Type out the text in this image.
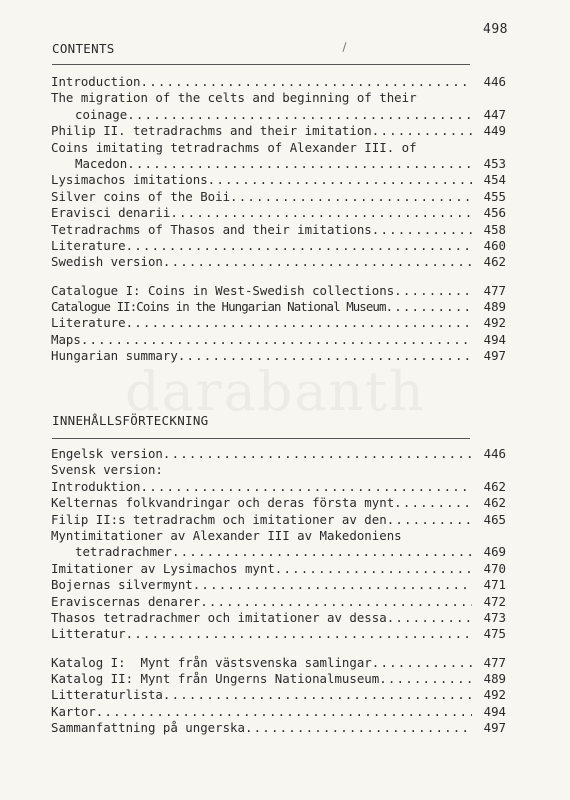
498
CONTENTS
Introduction .....	446
The migration of the celts and beginning of their
coinage .....	447
Philip II. tetradrachms and their imitation .....	449
Coins imitating tetradrachms of Alexander III. of
Macedon .....	453
Lysimachos imitations .....	454
Silver coins of the Boii .....	455
Eravisci denarii .....	456
Tetradrachms of Thasos and their imitations .....	458
Literature .....	460
Swedish version .....	462
Catalogue I: Coins in West-Swedish collections .....	477
Catalogue II:Coins in the Hungarian National Museum .....	489
Literature .....	492
Maps .....	494
Hungarian summary .....	497
INNEHÅLLSFÖRTECKNING
Engelsk version .....	446
Svensk version:
Introduktion .....	462
Kelternas folkvandringar och deras första mynt .....	462
Filip II:s tetradrachm och imitationer av den .....	465
Myntimitationer av Alexander III av Makedoniens
tetradrachmer .....	469
Imitationer av Lysimachos mynt .....	470
Bojernas silvermynt .....	471
Eraviscernas denarer .....	472
Thasos tetradrachmer och imitationer av dessa .....	473
Litteratur .....	475
Katalog I:  Mynt från västsvenska samlingar .....	477
Katalog II: Mynt från Ungerns Nationalmuseum .....	489
Litteraturlista .....	492
Kartor .....	494
Sammanfattning på ungerska .....	497
